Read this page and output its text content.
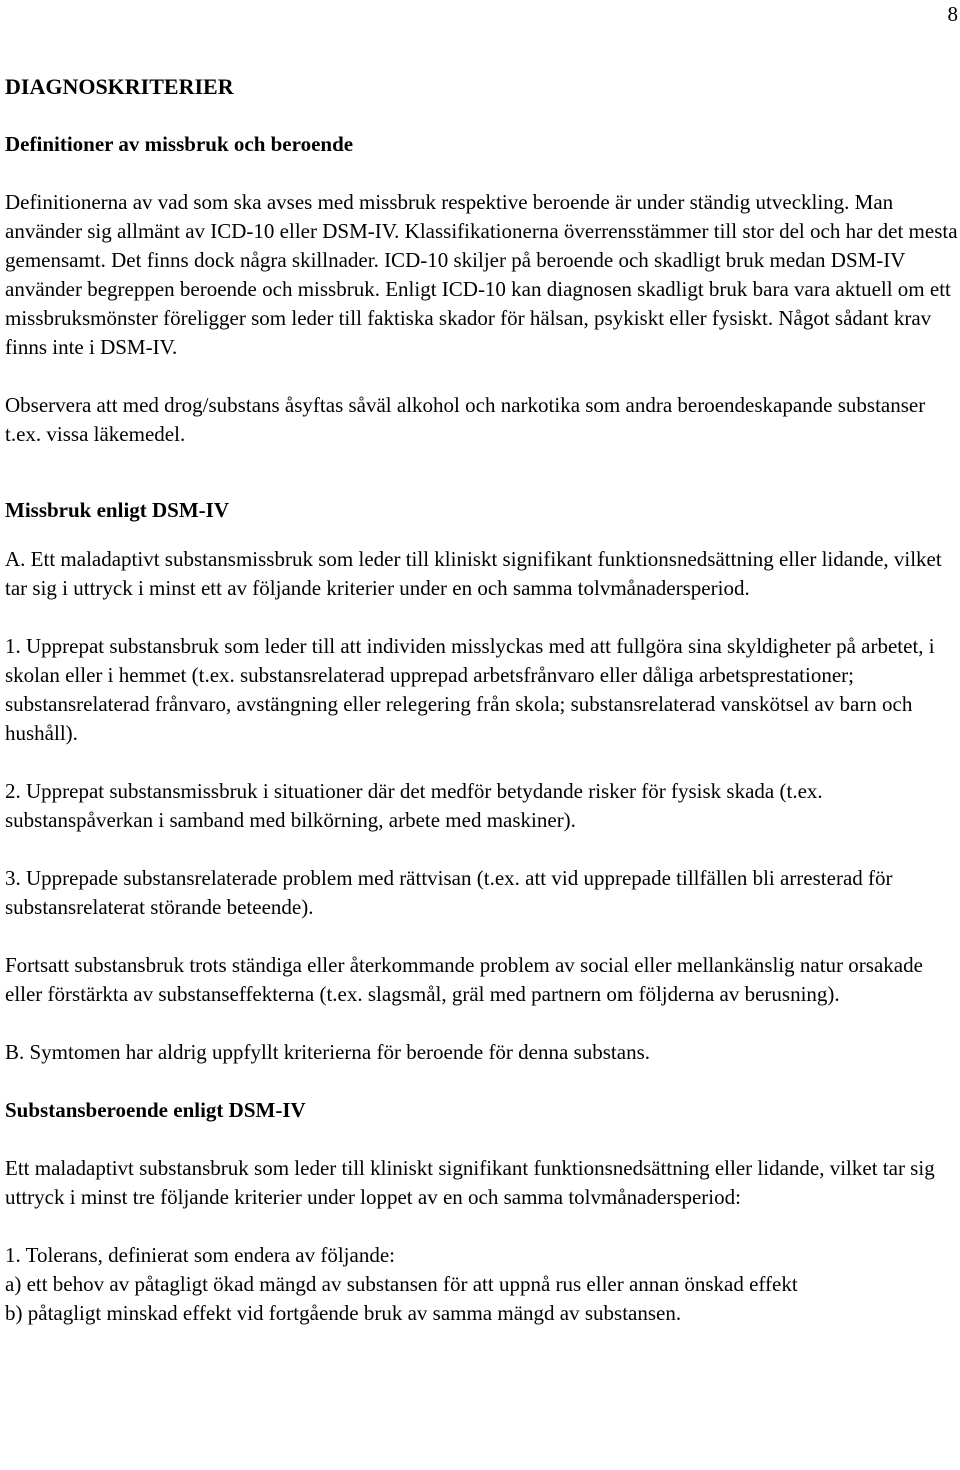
8

DIAGNOSKRITERIER

Definitioner av missbruk och beroende

Definitionerna av vad som ska avses med missbruk respektive beroende är under ständig utveckling. Man använder sig allmänt av ICD-10 eller DSM-IV. Klassifikationerna överrensstämmer till stor del och har det mesta gemensamt. Det finns dock några skillnader. ICD-10 skiljer på beroende och skadligt bruk medan DSM-IV använder begreppen beroende och missbruk. Enligt ICD-10 kan diagnosen skadligt bruk bara vara aktuell om ett missbruksmönster föreligger som leder till faktiska skador för hälsan, psykiskt eller fysiskt. Något sådant krav finns inte i DSM-IV.

Observera att med drog/substans åsyftas såväl alkohol och narkotika som andra beroendeskapande substanser t.ex. vissa läkemedel.

Missbruk enligt DSM-IV

A. Ett maladaptivt substansmissbruk som leder till kliniskt signifikant funktionsnedsättning eller lidande, vilket tar sig i uttryck i minst ett av följande kriterier under en och samma tolvmånadersperiod.

1. Upprepat substansbruk som leder till att individen misslyckas med att fullgöra sina skyldigheter på arbetet, i skolan eller i hemmet (t.ex. substansrelaterad upprepad arbetsfrånvaro eller dåliga arbetsprestationer; substansrelaterad frånvaro, avstängning eller relegering från skola; substansrelaterad vanskötsel av barn och hushåll).

2. Upprepat substansmissbruk i situationer där det medför betydande risker för fysisk skada (t.ex. substanspåverkan i samband med bilkörning, arbete med maskiner).

3. Upprepade substansrelaterade problem med rättvisan (t.ex. att vid upprepade tillfällen bli arresterad för substansrelaterat störande beteende).

Fortsatt substansbruk trots ständiga eller återkommande problem av social eller mellankänslig natur orsakade eller förstärkta av substanseffekterna (t.ex. slagsmål, gräl med partnern om följderna av berusning).

B. Symtomen har aldrig uppfyllt kriterierna för beroende för denna substans.

Substansberoende enligt DSM-IV

Ett maladaptivt substansbruk som leder till kliniskt signifikant funktionsnedsättning eller lidande, vilket tar sig uttryck i minst tre följande kriterier under loppet av en och samma tolvmånadersperiod:

1. Tolerans, definierat som endera av följande:

a) ett behov av påtagligt ökad mängd av substansen för att uppnå rus eller annan önskad effekt

b) påtagligt minskad effekt vid fortgående bruk av samma mängd av substansen.
